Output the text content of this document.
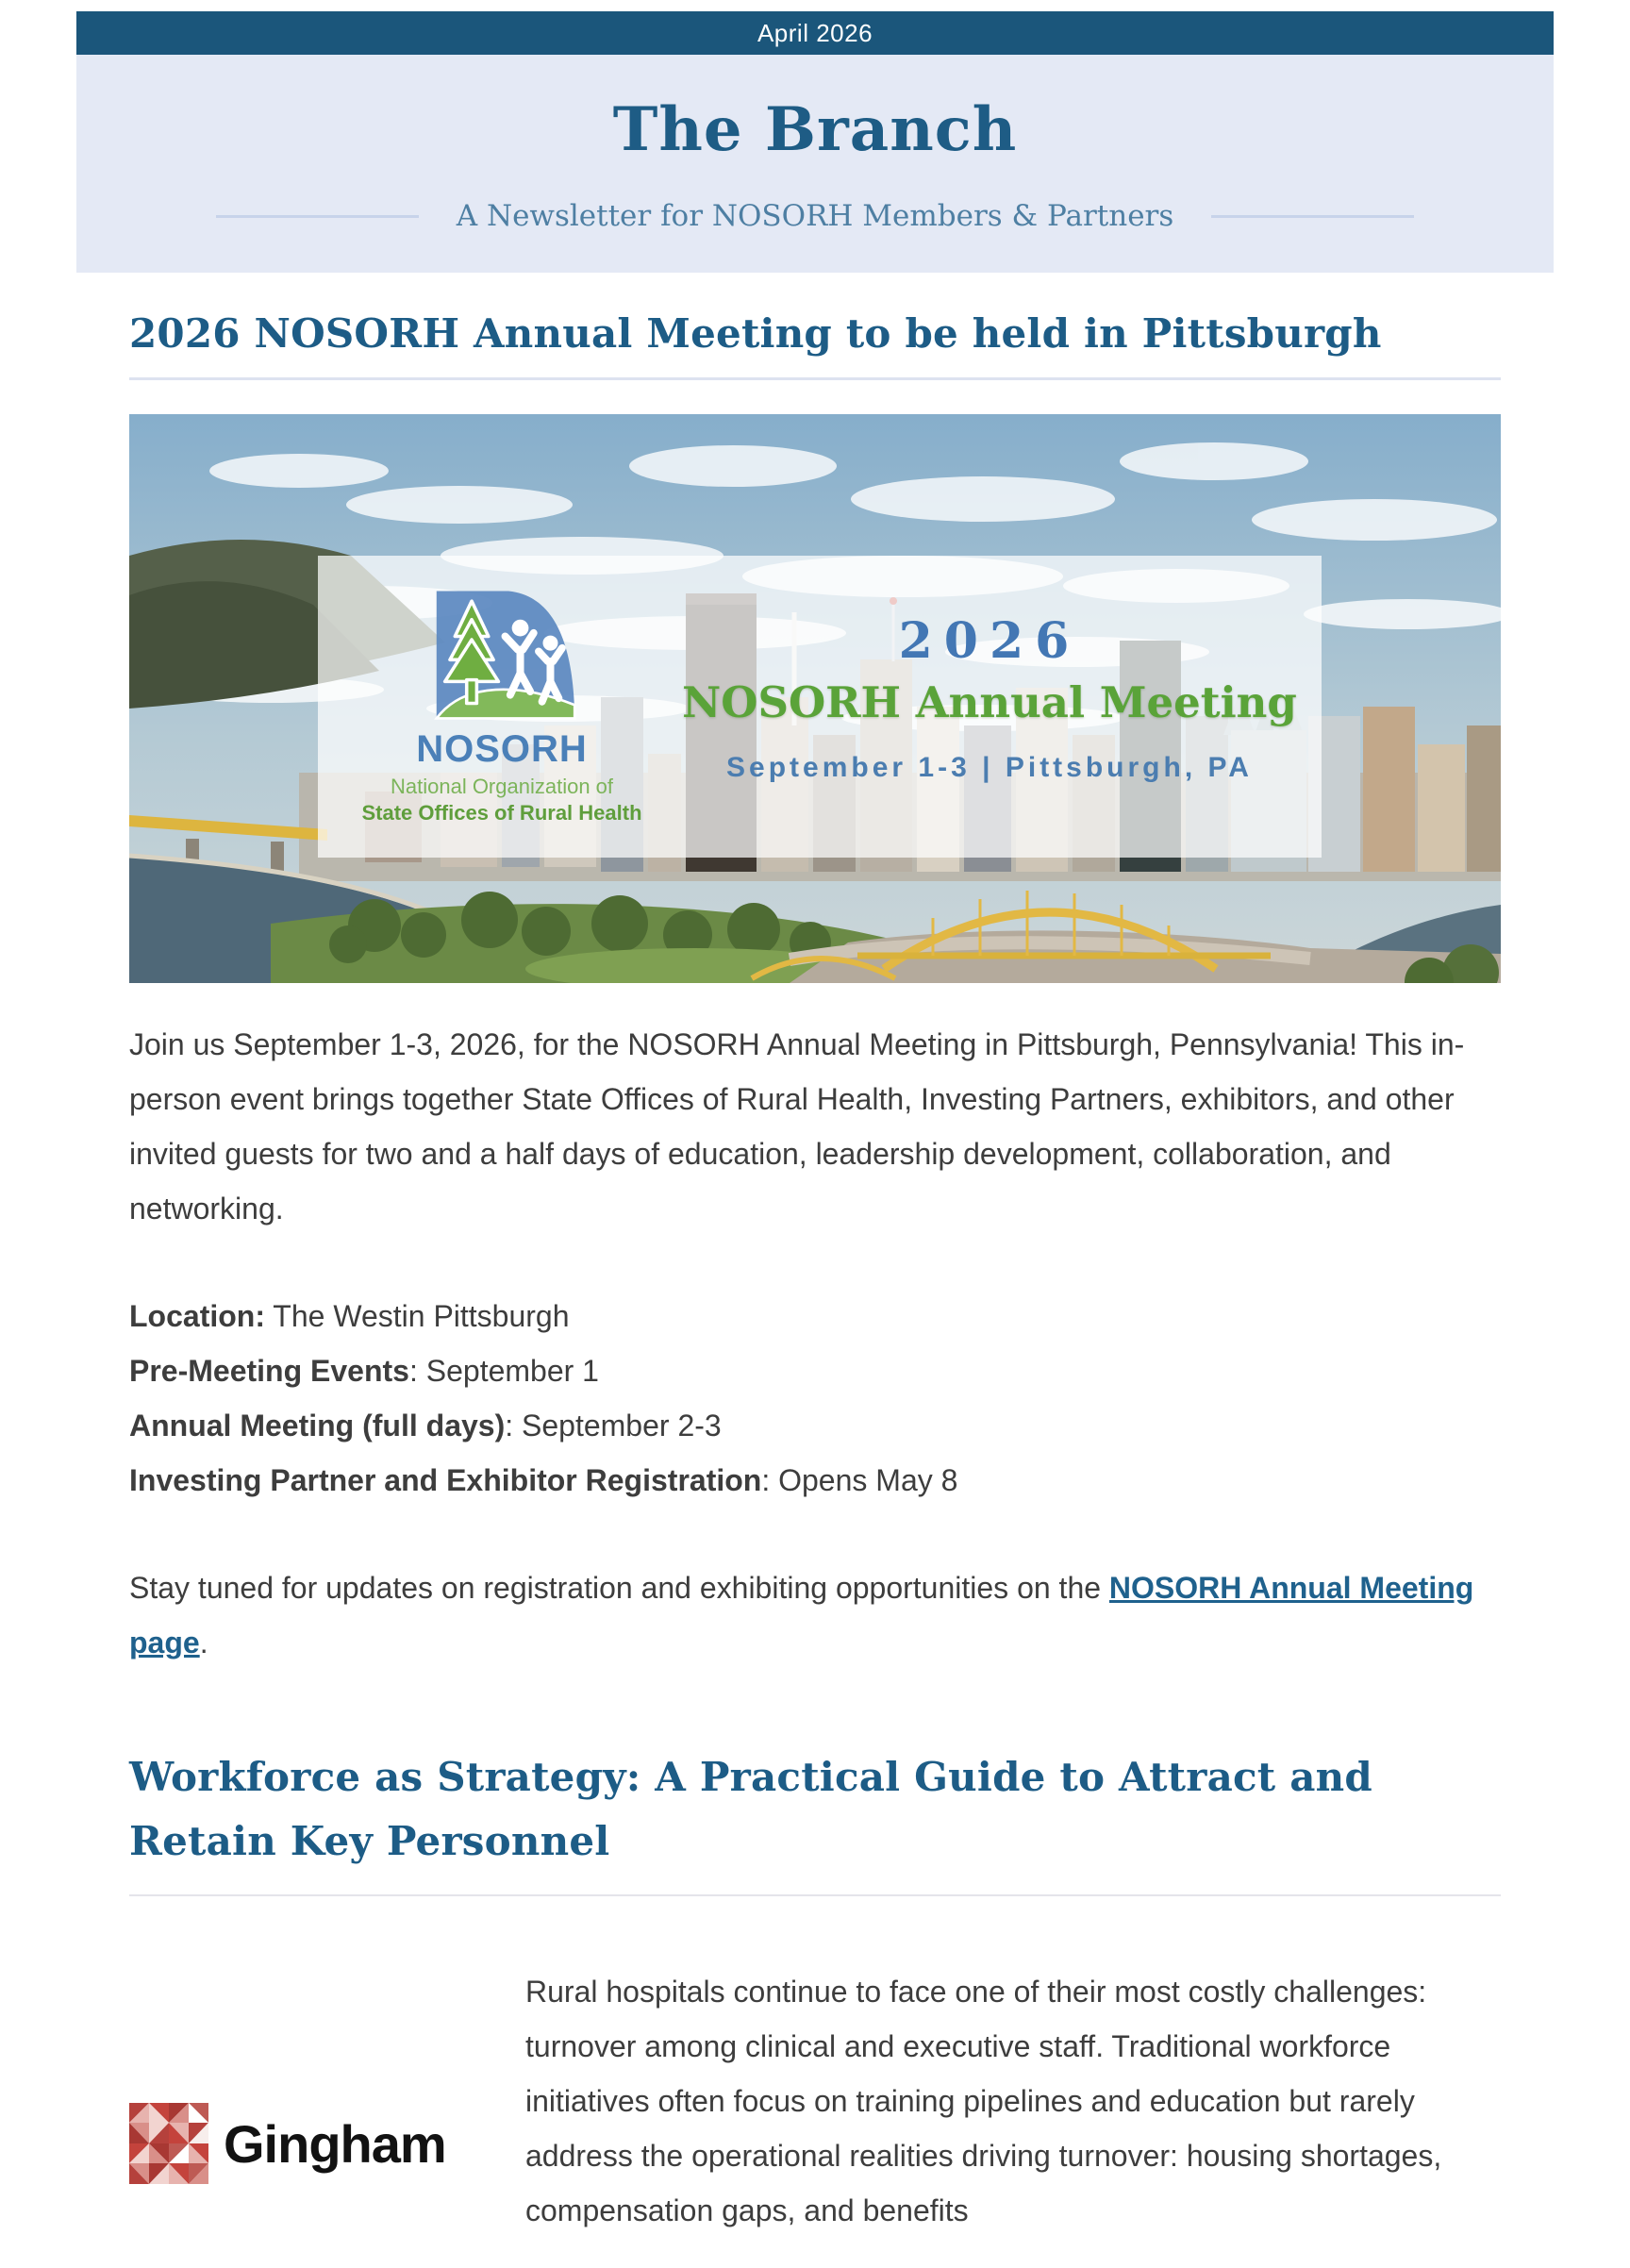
April 2026
The Branch
A Newsletter for NOSORH Members & Partners
2026 NOSORH Annual Meeting to be held in Pittsburgh
NOSORH
National Organization of
State Offices of Rural Health
2026
NOSORH Annual Meeting
September 1-3 | Pittsburgh, PA

Join us September 1-3, 2026, for the NOSORH Annual Meeting in Pittsburgh, Pennsylvania! This in-person event brings together State Offices of Rural Health, Investing Partners, exhibitors, and other invited guests for two and a half days of education, leadership development, collaboration, and networking.

Location: The Westin Pittsburgh
Pre-Meeting Events: September 1
Annual Meeting (full days): September 2-3
Investing Partner and Exhibitor Registration: Opens May 8

Stay tuned for updates on registration and exhibiting opportunities on the NOSORH Annual Meeting page.

Workforce as Strategy: A Practical Guide to Attract and Retain Key Personnel
Gingham

Rural hospitals continue to face one of their most costly challenges: turnover among clinical and executive staff. Traditional workforce initiatives often focus on training pipelines and education but rarely address the operational realities driving turnover: housing shortages, compensation gaps, and benefits
